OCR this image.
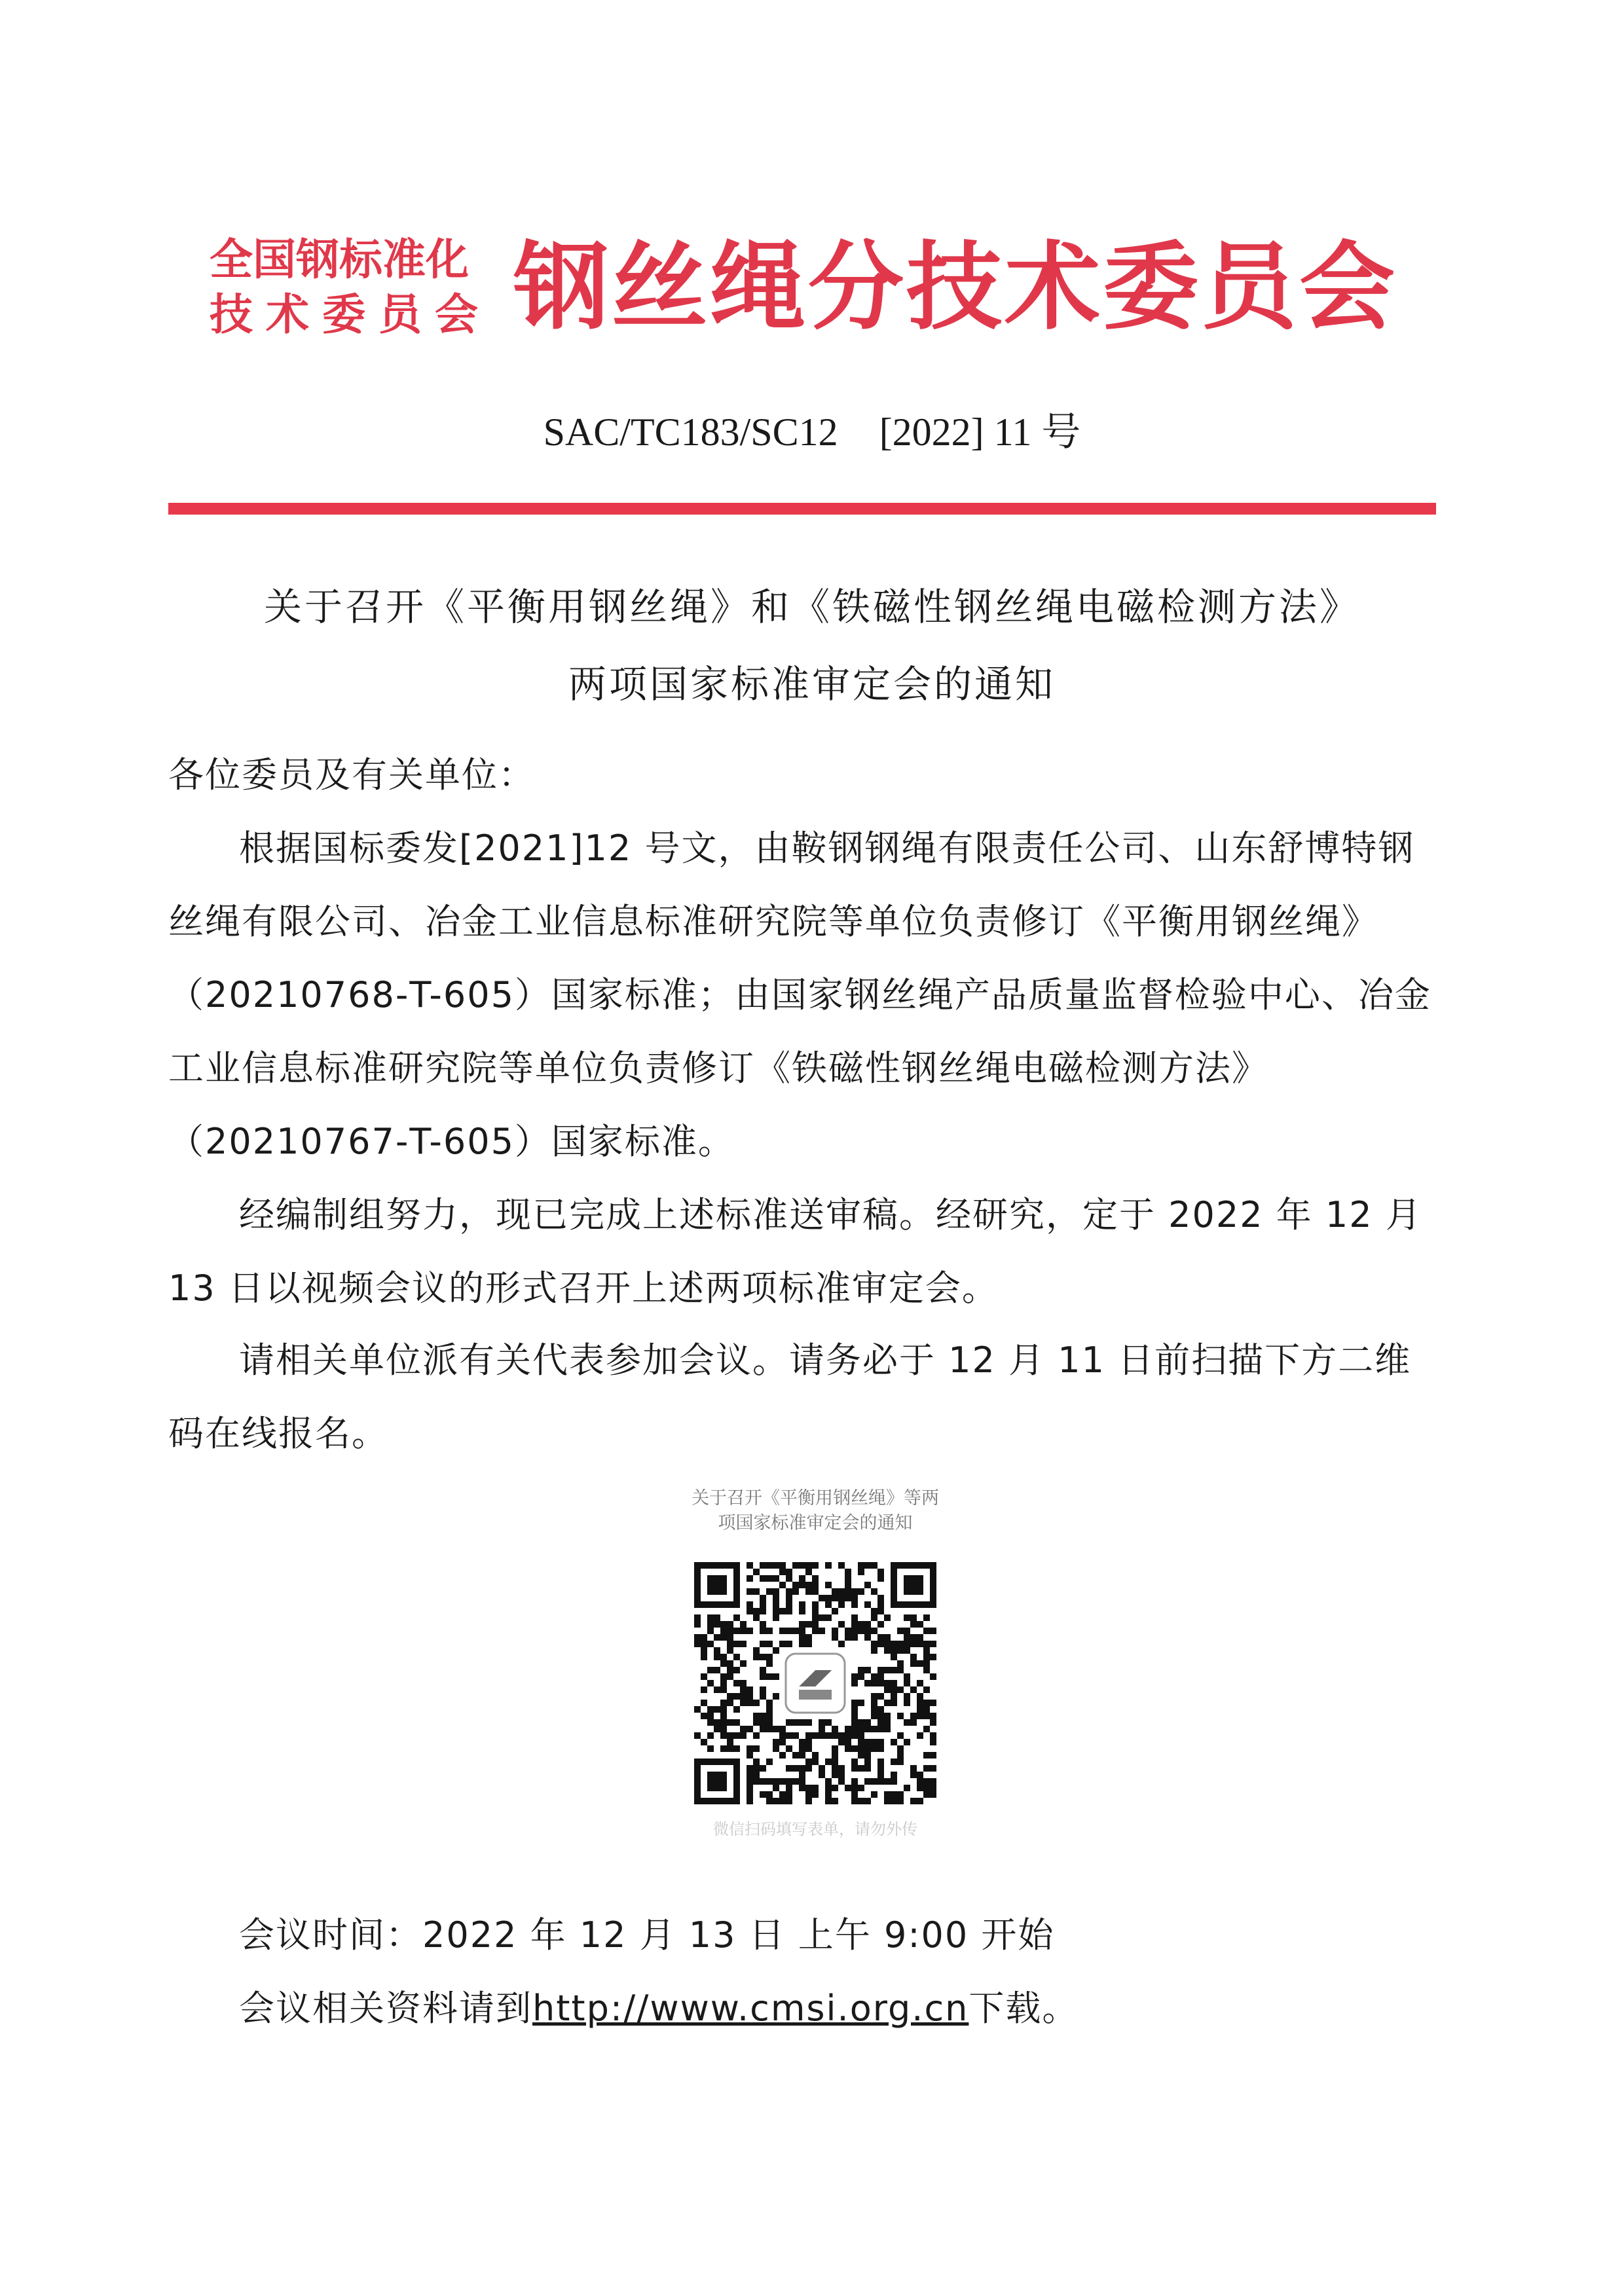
全国钢标准化
技术委员会 钢丝绳分技术委员会
SAC/TC183/SC12 [2022] 11 号
关于召开《平衡用钢丝绳》和《铁磁性钢丝绳电磁检测方法》
两项国家标准审定会的通知
各位委员及有关单位：
根据国标委发[2021]12 号文，由鞍钢钢绳有限责任公司、山东舒博特钢丝绳有限公司、冶金工业信息标准研究院等单位负责修订《平衡用钢丝绳》（20210768-T-605）国家标准；由国家钢丝绳产品质量监督检验中心、冶金工业信息标准研究院等单位负责修订《铁磁性钢丝绳电磁检测方法》（20210767-T-605）国家标准。
经编制组努力，现已完成上述标准送审稿。经研究，定于 2022 年 12 月 13 日以视频会议的形式召开上述两项标准审定会。
请相关单位派有关代表参加会议。请务必于 12 月 11 日前扫描下方二维码在线报名。
关于召开《平衡用钢丝绳》等两
项国家标准审定会的通知
微信扫码填写表单，请勿外传
会议时间：2022 年 12 月 13 日 上午 9:00 开始
会议相关资料请到http://www.cmsi.org.cn下载。
